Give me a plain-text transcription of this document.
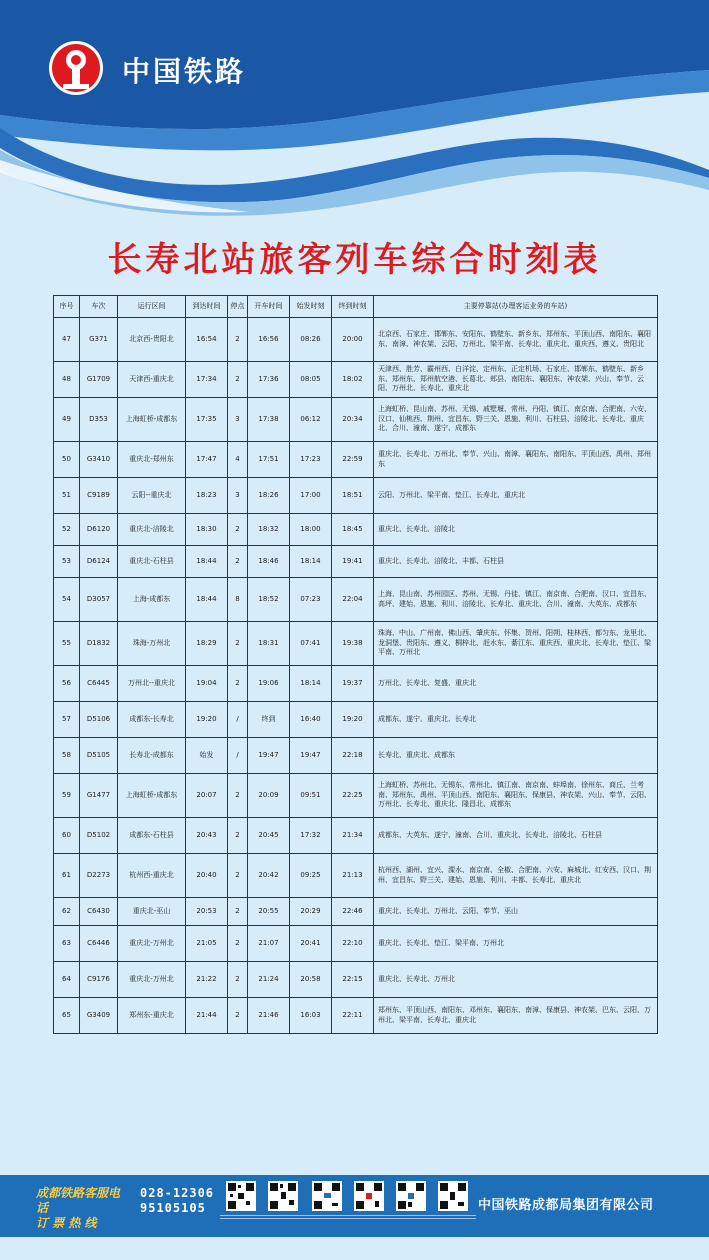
中国铁路
长寿北站旅客列车综合时刻表
序号	车次	运行区间	到达时间	停点	开车时间	始发时刻	终到时刻	主要停靠站(办理客运业务的车站)
47	G371	北京西-贵阳北	16:54	2	16:56	08:26	20:00	北京西、石家庄、邯郸东、安阳东、鹤壁东、新乡东、郑州东、平顶山西、南阳东、襄阳东、南漳、神农架、云阳、万州北、梁平南、长寿北、重庆北、重庆西、遵义、贵阳北
48	G1709	天津西-重庆北	17:34	2	17:36	08:05	18:02	天津西、胜芳、霸州西、白洋淀、定州东、正定机场、石家庄、邯郸东、鹤壁东、新乡东、郑州东、郑州航空港、长葛北、郏县、南阳东、襄阳东、神农架、兴山、奉节、云阳、万州北、长寿北、重庆北
49	D353	上海虹桥-成都东	17:35	3	17:38	06:12	20:34	上海虹桥、昆山南、苏州、无锡、戚墅堰、常州、丹阳、镇江、南京南、合肥南、六安、汉口、仙桃西、荆州、宜昌东、野三关、恩施、利川、石柱县、涪陵北、长寿北、重庆北、合川、潼南、遂宁、成都东
50	G3410	重庆北-郑州东	17:47	4	17:51	17:23	22:59	重庆北、长寿北、万州北、奉节、兴山、南漳、襄阳东、南阳东、平顶山西、禹州、郑州东
51	C9189	云阳--重庆北	18:23	3	18:26	17:00	18:51	云阳、万州北、梁平南、垫江、长寿北、重庆北
52	D6120	重庆北-涪陵北	18:30	2	18:32	18:00	18:45	重庆北、长寿北、涪陵北
53	D6124	重庆北-石柱县	18:44	2	18:46	18:14	19:41	重庆北、长寿北、涪陵北、丰都、石柱县
54	D3057	上海-成都东	18:44	8	18:52	07:23	22:04	上海、昆山南、苏州园区、苏州、无锡、丹徒、镇江、南京南、合肥南、汉口、宜昌东、高坪、建始、恩施、利川、涪陵北、长寿北、重庆北、合川、潼南、大英东、成都东
55	D1832	珠海-万州北	18:29	2	18:31	07:41	19:38	珠海、中山、广州南、佛山西、肇庆东、怀集、贺州、阳朔、桂林西、都匀东、龙里北、龙洞堡、贵阳东、遵义、桐梓北、赶水东、綦江东、重庆西、重庆北、长寿北、垫江、梁平南、万州北
56	C6445	万州北--重庆北	19:04	2	19:06	18:14	19:37	万州北、长寿北、复盛、重庆北
57	D5106	成都东-长寿北	19:20	/	终到	16:40	19:20	成都东、遂宁、重庆北、长寿北
58	D5105	长寿北-成都东	始发	/	19:47	19:47	22:18	长寿北、重庆北、成都东
59	G1477	上海虹桥-成都东	20:07	2	20:09	09:51	22:25	上海虹桥、苏州北、无锡东、常州北、镇江南、南京南、蚌埠南、徐州东、商丘、兰考南、郑州东、禹州、平顶山西、南阳东、襄阳东、保康县、神农架、兴山、奉节、云阳、万州北、长寿北、重庆北、隆昌北、成都东
60	D5102	成都东-石柱县	20:43	2	20:45	17:32	21:34	成都东、大英东、遂宁、潼南、合川、重庆北、长寿北、涪陵北、石柱县
61	D2273	杭州西-重庆北	20:40	2	20:42	09:25	21:13	杭州西、湖州、宜兴、溧水、南京南、全椒、合肥南、六安、麻城北、红安西、汉口、荆州、宜昌东、野三关、建始、恩施、利川、丰都、长寿北、重庆北
62	C6430	重庆北-巫山	20:53	2	20:55	20:29	22:46	重庆北、长寿北、万州北、云阳、奉节、巫山
63	C6446	重庆北-万州北	21:05	2	21:07	20:41	22:10	重庆北、长寿北、垫江、梁平南、万州北
64	C9176	重庆北-万州北	21:22	2	21:24	20:58	22:15	重庆北、长寿北、万州北
65	G3409	郑州东-重庆北	21:44	2	21:46	16:03	22:11	郑州东、平顶山西、南阳东、邓州东、襄阳东、南漳、保康县、神农架、巴东、云阳、万州北、梁平南、长寿北、重庆北
成都铁路客服电话
订 票 热 线
028-12306
95105105	中国铁路成都局集团有限公司
